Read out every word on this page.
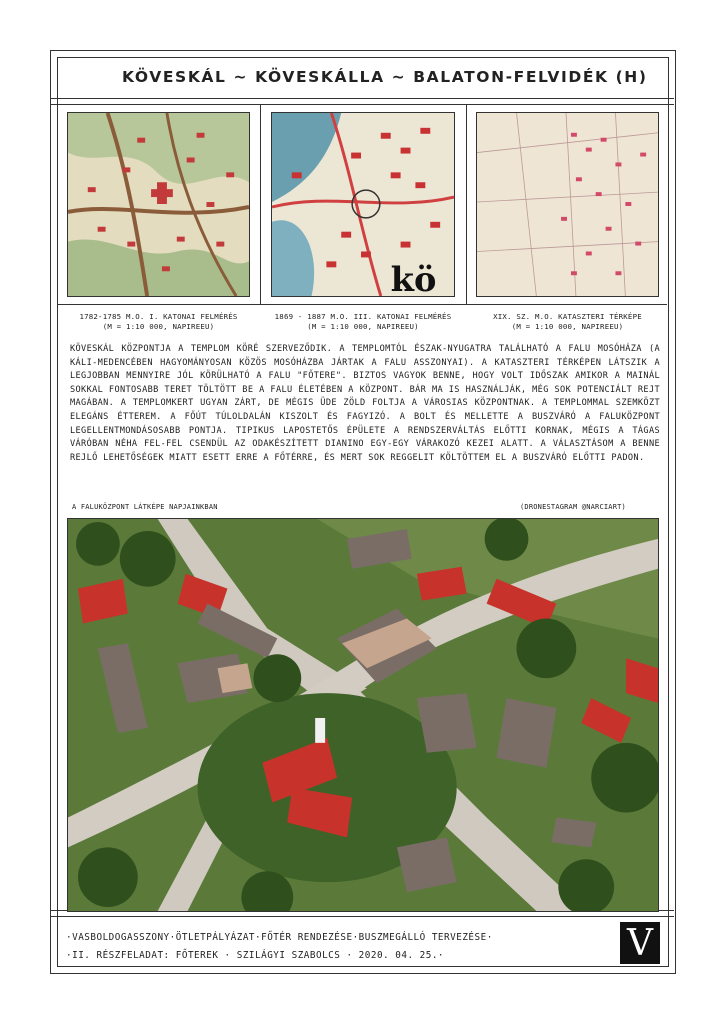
KÖVESKÁL ~ KÖVESKÁLLA ~ BALATON-FELVIDÉK (H)
kö
1782-1785 M.O. I. KATONAI FELMÉRÉS
(M = 1:10 000, NAPIREEU)
1869 - 1887 M.O. III. KATONAI FELMÉRÉS
(M = 1:10 000, NAPIREEU)
XIX. SZ. M.O. KATASZTERI TÉRKÉPE
(M = 1:10 000, NAPIREEU)
KÖVESKÁL KÖZPONTJA A TEMPLOM KÖRÉ SZERVEZŐDIK. A TEMPLOMTÓL ÉSZAK-NYUGATRA TALÁLHATÓ A FALU MOSÓHÁZA (A KÁLI-MEDENCÉBEN HAGYOMÁNYOSAN KÖZÖS MOSÓHÁZBA JÁRTAK A FALU ASSZONYAI). A KATASZTERI TÉRKÉPEN LÁTSZIK A LEGJOBBAN MENNYIRE JÓL KÖRÜLHATÓ A FALU "FŐTERE". BIZTOS VAGYOK BENNE, HOGY VOLT IDŐSZAK AMIKOR A MAINÁL SOKKAL FONTOSABB TERET TÖLTÖTT BE A FALU ÉLETÉBEN A KÖZPONT. BÁR MA IS HASZNÁLJÁK, MÉG SOK POTENCIÁLT REJT MAGÁBAN. A TEMPLOMKERT UGYAN ZÁRT, DE MÉGIS ÜDE ZÖLD FOLTJA A VÁROSIAS KÖZPONTNAK. A TEMPLOMMAL SZEMKÖZT ELEGÁNS ÉTTEREM. A FŐÚT TÚLOLDALÁN KISZOLT ÉS FAGYIZÓ. A BOLT ÉS MELLETTE A BUSZVÁRÓ A FALUKÖZPONT LEGELLENTMONDÁSOSABB PONTJA. TIPIKUS LAPOSTETŐS ÉPÜLETE A RENDSZERVÁLTÁS ELŐTTI KORNAK, MÉGIS A TÁGAS VÁRÓBAN NÉHA FEL-FEL CSENDÜL AZ ODAKÉSZÍTETT DIANINO EGY-EGY VÁRAKOZÓ KEZEI ALATT. A VÁLASZTÁSOM A BENNE REJLŐ LEHETŐSÉGEK MIATT ESETT ERRE A FŐTÉRRE, ÉS MERT SOK REGGELIT KÖLTÖTTEM EL A BUSZVÁRÓ ELŐTTI PADON.
A FALUKÖZPONT LÁTKÉPE NAPJAINKBAN	(DRONESTAGRAM @NARCIART)
·VASBOLDOGASSZONY·ÖTLETPÁLYÁZAT·FŐTÉR RENDEZÉSE·BUSZMEGÁLLÓ TERVEZÉSE·
·II. RÉSZFELADAT: FŐTEREK · SZILÁGYI SZABOLCS · 2020. 04. 25.·	V
